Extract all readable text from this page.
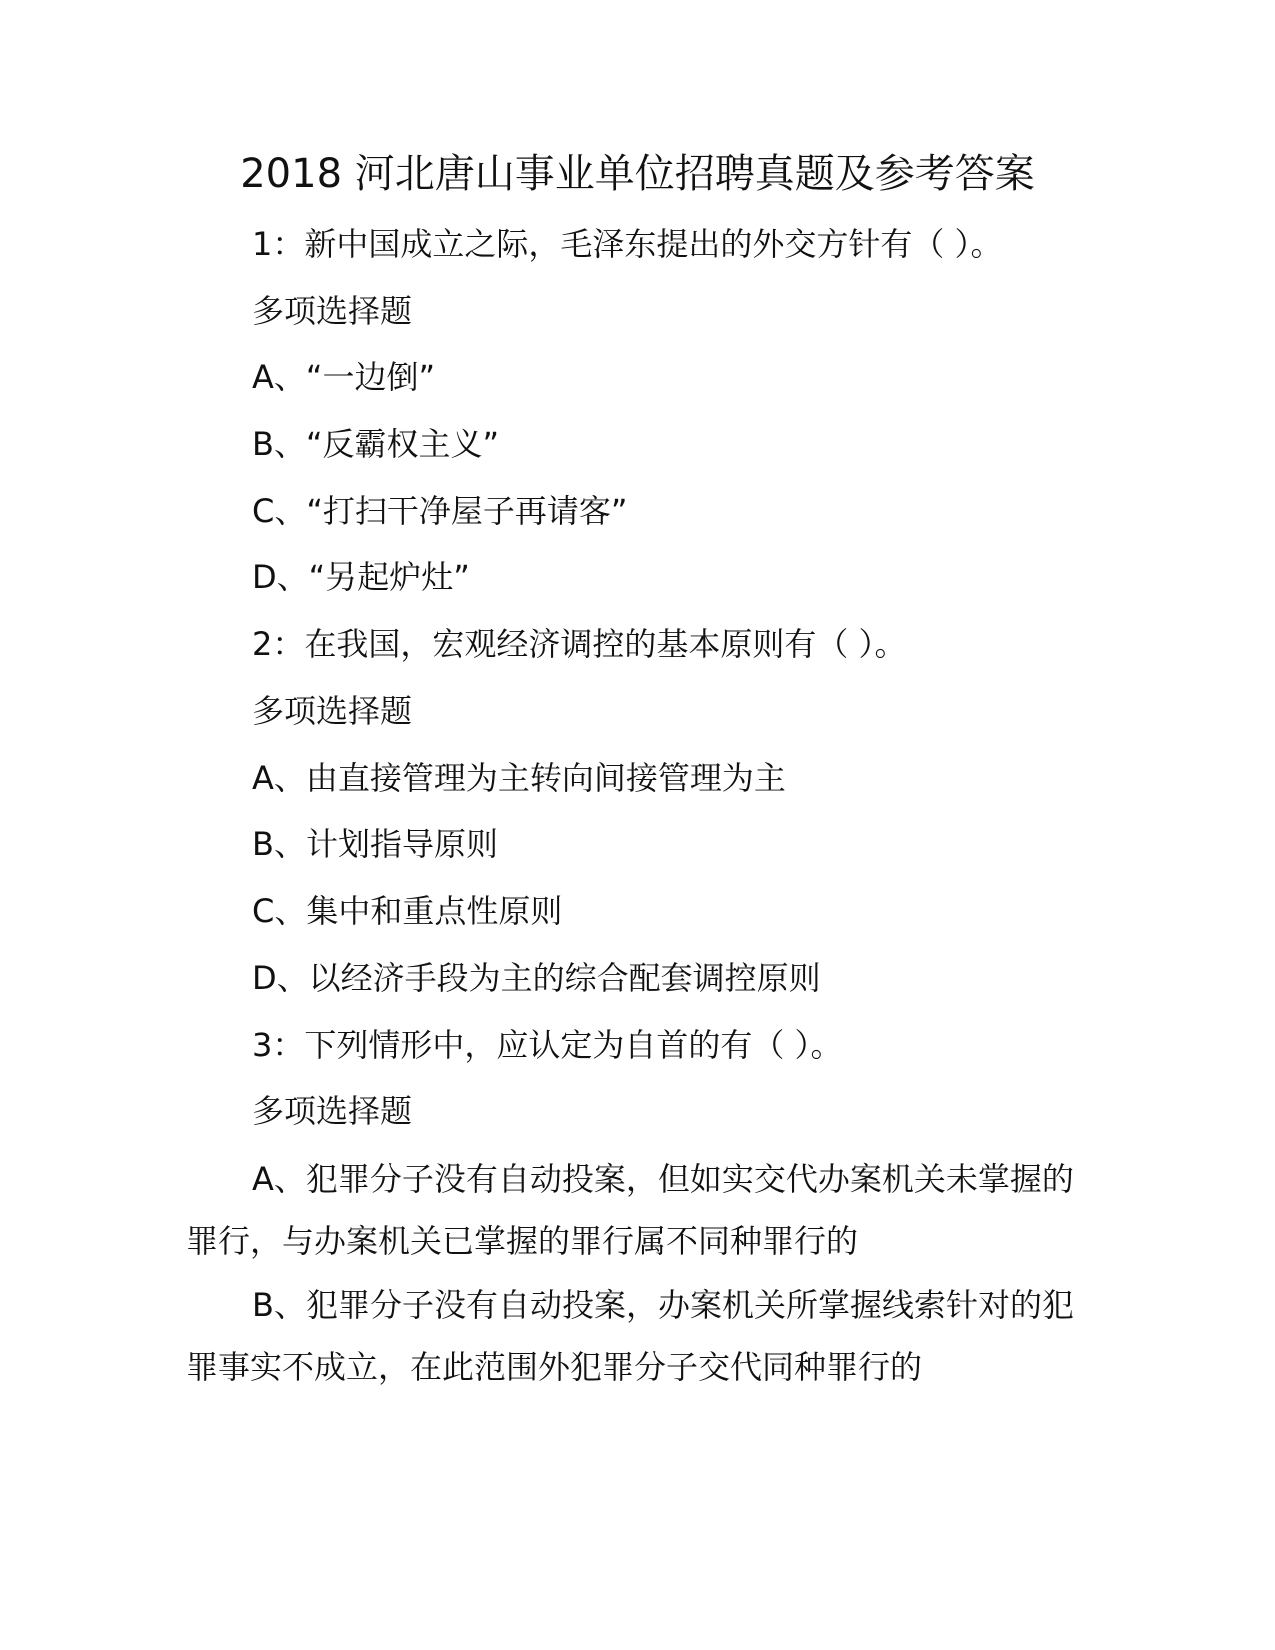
2018 河北唐山事业单位招聘真题及参考答案
1：新中国成立之际，毛泽东提出的外交方针有（ ）。
多项选择题
A、“一边倒”
B、“反霸权主义”
C、“打扫干净屋子再请客”
D、“另起炉灶”
2：在我国，宏观经济调控的基本原则有（ ）。
多项选择题
A、由直接管理为主转向间接管理为主
B、计划指导原则
C、集中和重点性原则
D、以经济手段为主的综合配套调控原则
3：下列情形中，应认定为自首的有（ ）。
多项选择题
A、犯罪分子没有自动投案，但如实交代办案机关未掌握的罪行，与办案机关已掌握的罪行属不同种罪行的
B、犯罪分子没有自动投案，办案机关所掌握线索针对的犯罪事实不成立，在此范围外犯罪分子交代同种罪行的
